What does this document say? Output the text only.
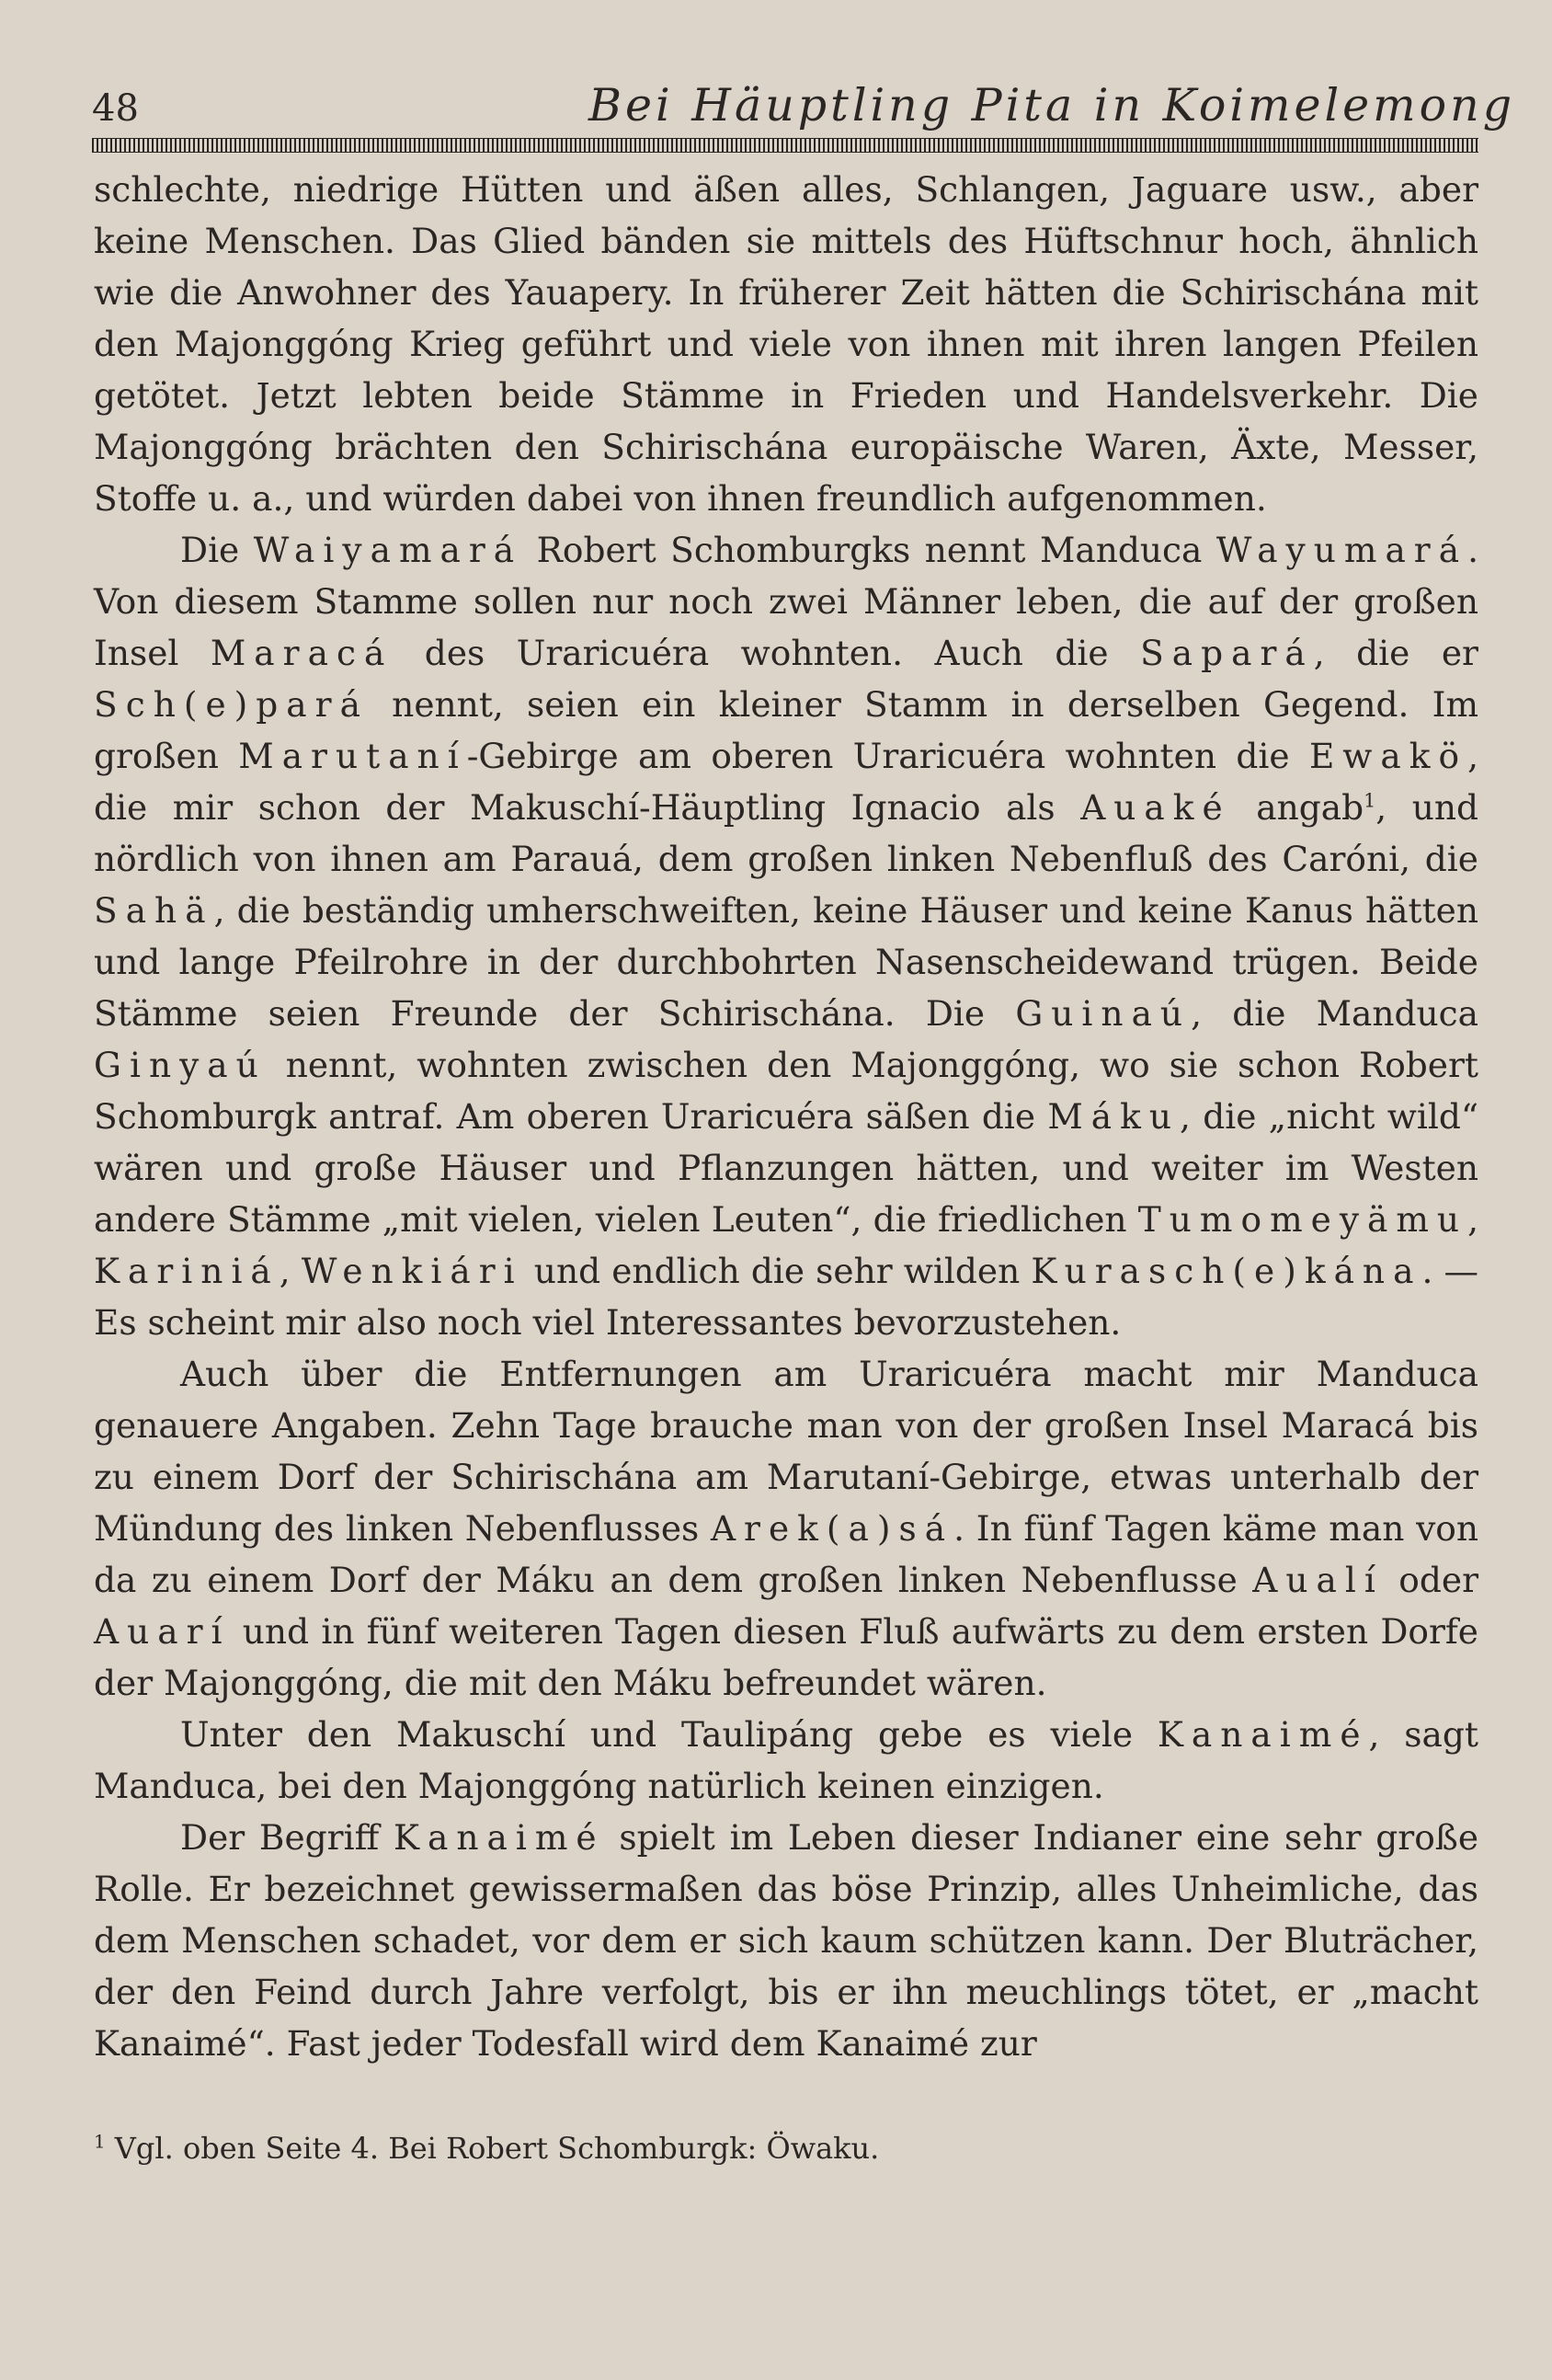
48	Bei Häuptling Pita in Koimelemong

schlechte, niedrige Hütten und äßen alles, Schlangen, Jaguare usw., aber keine Menschen. Das Glied bänden sie mittels des Hüftschnur hoch, ähnlich wie die Anwohner des Yauapery. In früherer Zeit hätten die Schirischána mit den Majonggóng Krieg geführt und viele von ihnen mit ihren langen Pfeilen getötet. Jetzt lebten beide Stämme in Frieden und Handelsverkehr. Die Majonggóng brächten den Schirischána europäische Waren, Äxte, Messer, Stoffe u. a., und würden dabei von ihnen freundlich aufgenommen.

Die Waiyamará Robert Schomburgks nennt Manduca Wayumará. Von diesem Stamme sollen nur noch zwei Männer leben, die auf der großen Insel Maracá des Uraricuéra wohnten. Auch die Sapará, die er Sch(e)pará nennt, seien ein kleiner Stamm in derselben Gegend. Im großen Marutaní-Gebirge am oberen Uraricuéra wohnten die Ewakö, die mir schon der Makuschí-Häuptling Ignacio als Auaké angab$^1$, und nördlich von ihnen am Parauá, dem großen linken Nebenfluß des Caróni, die Sahä, die beständig umherschweiften, keine Häuser und keine Kanus hätten und lange Pfeilrohre in der durchbohrten Nasenscheidewand trügen. Beide Stämme seien Freunde der Schirischána. Die Guinaú, die Manduca Ginyaú nennt, wohnten zwischen den Majonggóng, wo sie schon Robert Schomburgk antraf. Am oberen Uraricuéra säßen die Máku, die „nicht wild“ wären und große Häuser und Pflanzungen hätten, und weiter im Westen andere Stämme „mit vielen, vielen Leuten“, die friedlichen Tumomeyämu, Kariniá, Wenkiári und endlich die sehr wilden Kurasch(e)kána. — Es scheint mir also noch viel Interessantes bevorzustehen.

Auch über die Entfernungen am Uraricuéra macht mir Manduca genauere Angaben. Zehn Tage brauche man von der großen Insel Maracá bis zu einem Dorf der Schirischána am Marutaní-Gebirge, etwas unterhalb der Mündung des linken Nebenflusses Arek(a)sá. In fünf Tagen käme man von da zu einem Dorf der Máku an dem großen linken Nebenflusse Aualí oder Auarí und in fünf weiteren Tagen diesen Fluß aufwärts zu dem ersten Dorfe der Majonggóng, die mit den Máku befreundet wären.

Unter den Makuschí und Taulipáng gebe es viele Kanaimé, sagt Manduca, bei den Majonggóng natürlich keinen einzigen.

Der Begriff Kanaimé spielt im Leben dieser Indianer eine sehr große Rolle. Er bezeichnet gewissermaßen das böse Prinzip, alles Unheimliche, das dem Menschen schadet, vor dem er sich kaum schützen kann. Der Bluträcher, der den Feind durch Jahre verfolgt, bis er ihn meuchlings tötet, er „macht Kanaimé“. Fast jeder Todesfall wird dem Kanaimé zur

$^1$ Vgl. oben Seite 4. Bei Robert Schomburgk: Öwaku.
